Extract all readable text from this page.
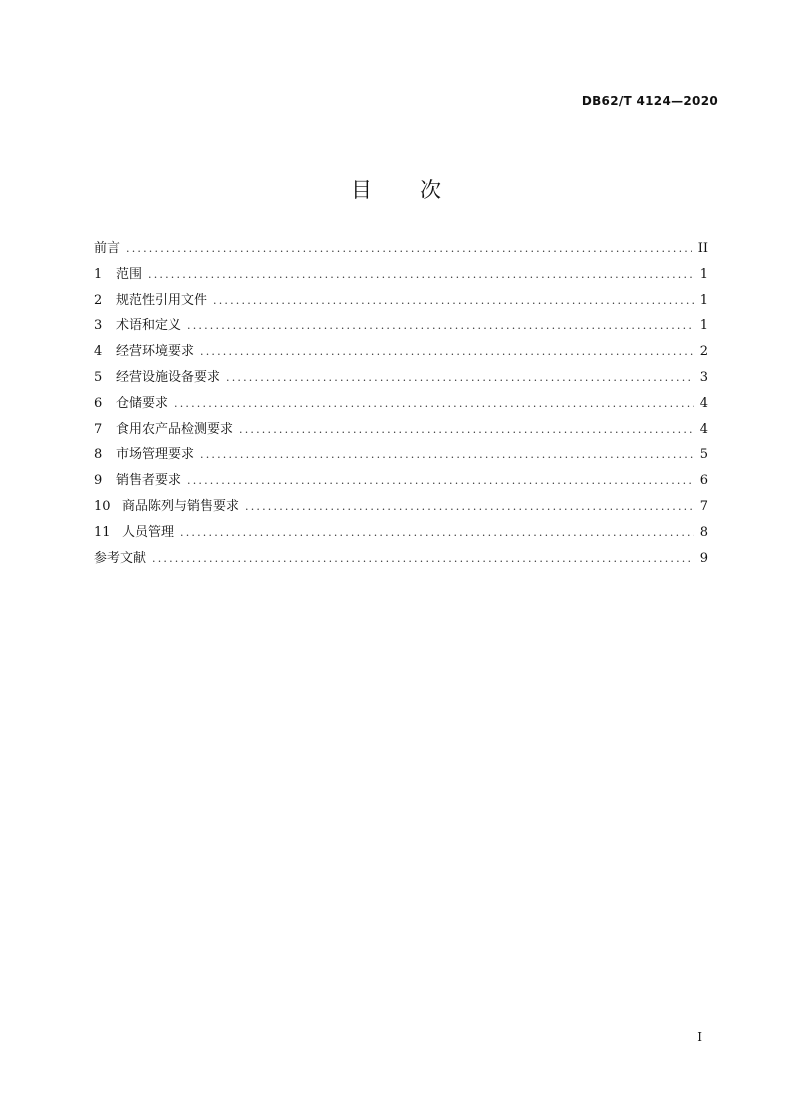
DB62/T 4124—2020
目 次
前言 .....	II
1	范围 .....	1
2	规范性引用文件 .....	1
3	术语和定义 .....	1
4	经营环境要求 .....	2
5	经营设施设备要求 .....	3
6	仓储要求 .....	4
7	食用农产品检测要求 .....	4
8	市场管理要求 .....	5
9	销售者要求 .....	6
10 商品陈列与销售要求 .....	7
11 人员管理 .....	8
参考文献 .....	9
I
